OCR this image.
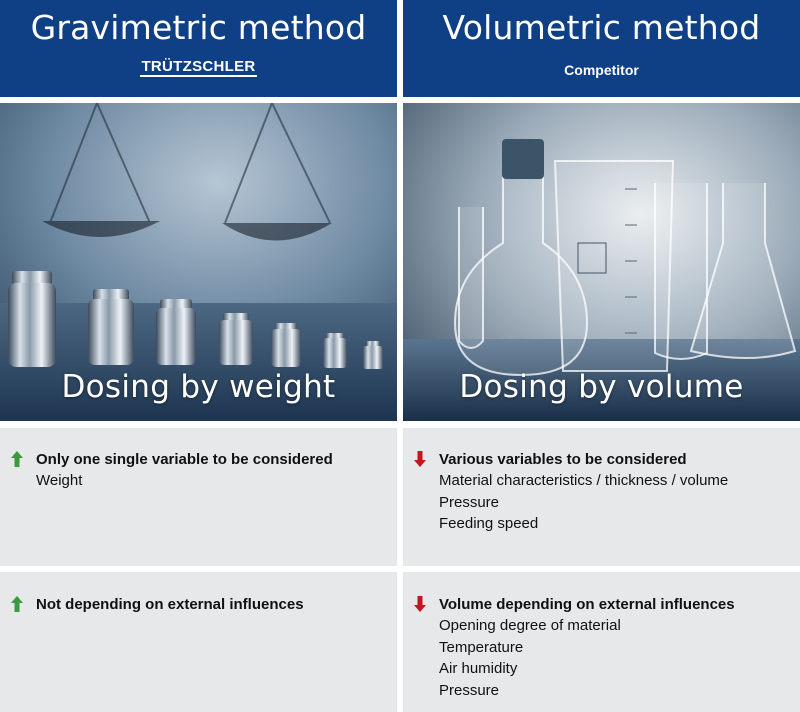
Gravimetric method
TRÜTZSCHLER
Dosing by weight
Only one single variable to be considered
Weight
Not depending on external influences
Volumetric method
Competitor
Dosing by volume
Various variables to be considered
Material characteristics / thickness / volume
Pressure
Feeding speed
Volume depending on external influences
Opening degree of material
Temperature
Air humidity
Pressure
